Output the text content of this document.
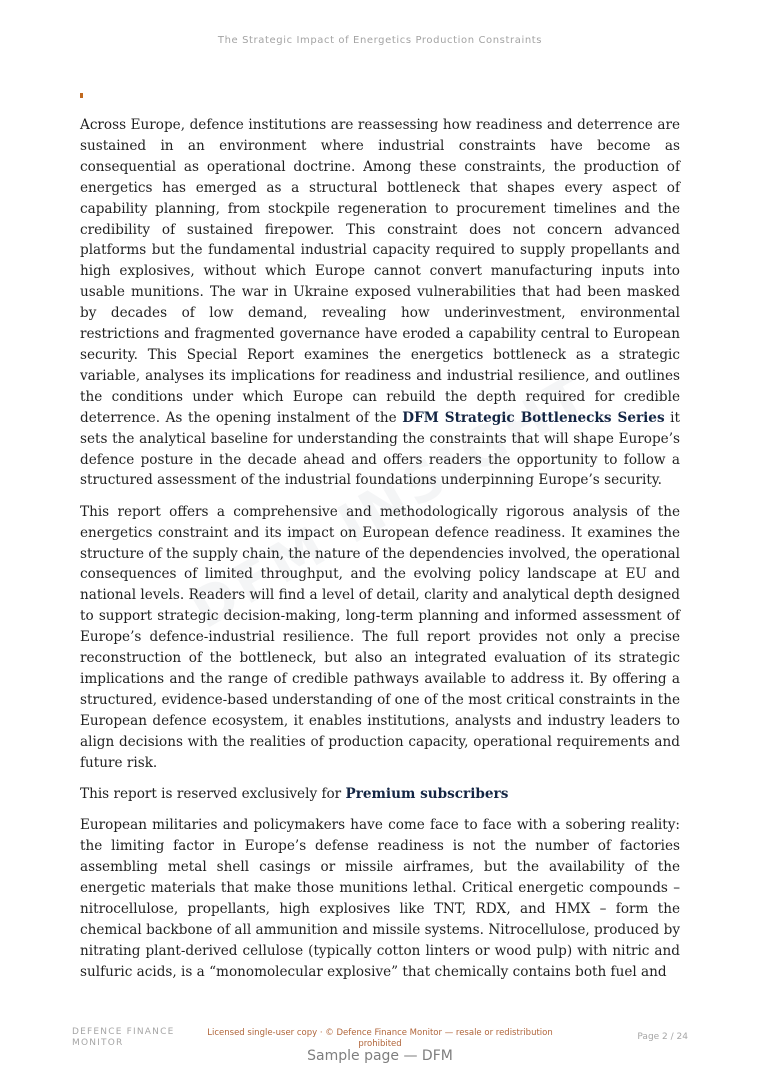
The Strategic Impact of Energetics Production Constraints

Across Europe, defence institutions are reassessing how readiness and deterrence are sustained in an environment where industrial constraints have become as consequential as operational doctrine. Among these constraints, the production of energetics has emerged as a structural bottleneck that shapes every aspect of capability planning, from stockpile regeneration to procurement timelines and the credibility of sustained firepower. This constraint does not concern advanced platforms but the fundamental industrial capacity required to supply propellants and high explosives, without which Europe cannot convert manufacturing inputs into usable munitions. The war in Ukraine exposed vulnerabilities that had been masked by decades of low demand, revealing how underinvestment, environmental restrictions and fragmented governance have eroded a capability central to European security. This Special Report examines the energetics bottleneck as a strategic variable, analyses its implications for readiness and industrial resilience, and outlines the conditions under which Europe can rebuild the depth required for credible deterrence. As the opening instalment of the DFM Strategic Bottlenecks Series it sets the analytical baseline for understanding the constraints that will shape Europe’s defence posture in the decade ahead and offers readers the opportunity to follow a structured assessment of the industrial foundations underpinning Europe’s security.

This report offers a comprehensive and methodologically rigorous analysis of the energetics constraint and its impact on European defence readiness. It examines the structure of the supply chain, the nature of the dependencies involved, the operational consequences of limited throughput, and the evolving policy landscape at EU and national levels. Readers will find a level of detail, clarity and analytical depth designed to support strategic decision-making, long-term planning and informed assessment of Europe’s defence-industrial resilience. The full report provides not only a precise reconstruction of the bottleneck, but also an integrated evaluation of its strategic implications and the range of credible pathways available to address it. By offering a structured, evidence-based understanding of one of the most critical constraints in the European defence ecosystem, it enables institutions, analysts and industry leaders to align decisions with the realities of production capacity, operational requirements and future risk.

This report is reserved exclusively for Premium subscribers

European militaries and policymakers have come face to face with a sobering reality: the limiting factor in Europe’s defense readiness is not the number of factories assembling metal shell casings or missile airframes, but the availability of the energetic materials that make those munitions lethal. Critical energetic compounds – nitrocellulose, propellants, high explosives like TNT, RDX, and HMX – form the chemical backbone of all ammunition and missile systems. Nitrocellulose, produced by nitrating plant-derived cellulose (typically cotton linters or wood pulp) with nitric and sulfuric acids, is a “monomolecular explosive” that chemically contains both fuel and

DEFENCE FINANCE
MONITOR
Licensed single-user copy · © Defence Finance Monitor — resale or redistribution
prohibited
Page 2 / 24
Sample page — DFM
